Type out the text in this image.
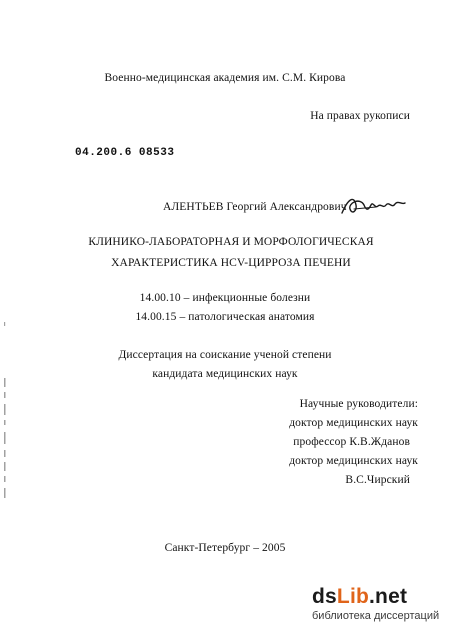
Военно-медицинская академия им. С.М. Кирова
На правах рукописи
04.200.6 08533
АЛЕНТЬЕВ Георгий Александрович
КЛИНИКО-ЛАБОРАТОРНАЯ И МОРФОЛОГИЧЕСКАЯ
ХАРАКТЕРИСТИКА HCV-ЦИРРОЗА ПЕЧЕНИ
14.00.10 – инфекционные болезни
14.00.15 – патологическая анатомия
Диссертация на соискание ученой степени
кандидата медицинских наук
Научные руководители:
доктор медицинских наук
профессор К.В.Жданов
доктор медицинских наук
В.С.Чирский
Санкт-Петербург – 2005
dsLib.net
библиотека диссертаций
